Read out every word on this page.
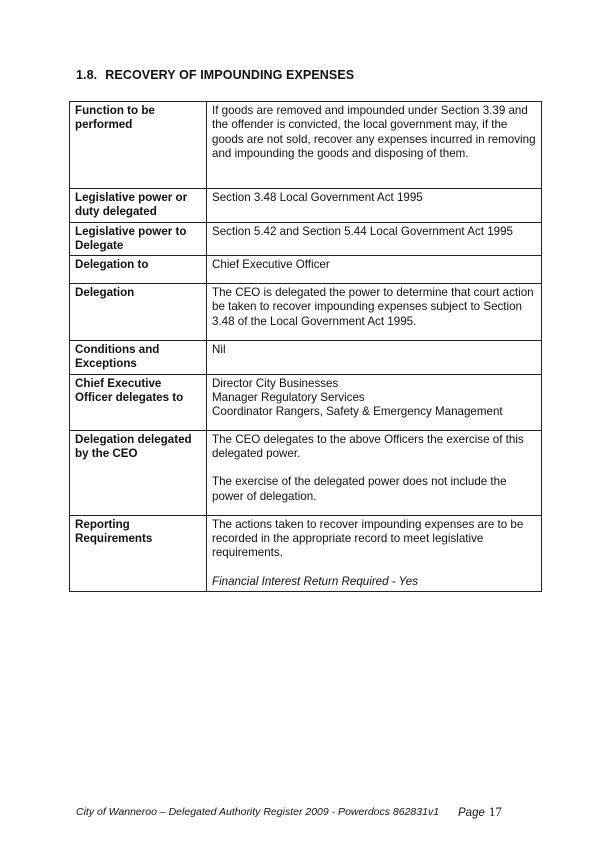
1.8. RECOVERY OF IMPOUNDING EXPENSES
Function to be performed	If goods are removed and impounded under Section 3.39 and the offender is convicted, the local government may, if the goods are not sold, recover any expenses incurred in removing and impounding the goods and disposing of them.

Legislative power or duty delegated	Section 3.48 Local Government Act 1995

Legislative power to Delegate	Section 5.42 and Section 5.44 Local Government Act 1995

Delegation to	Chief Executive Officer

Delegation	The CEO is delegated the power to determine that court action be taken to recover impounding expenses subject to Section 3.48 of the Local Government Act 1995.

Conditions and Exceptions	Nil

Chief Executive Officer delegates to	Director City Businesses
Manager Regulatory Services
Coordinator Rangers, Safety & Emergency Management

Delegation delegated by the CEO	The CEO delegates to the above Officers the exercise of this delegated power.

The exercise of the delegated power does not include the power of delegation.

Reporting Requirements	The actions taken to recover impounding expenses are to be recorded in the appropriate record to meet legislative requirements.

Financial Interest Return Required - Yes

City of Wanneroo – Delegated Authority Register 2009 - Powerdocs 862831v1 Page 17
